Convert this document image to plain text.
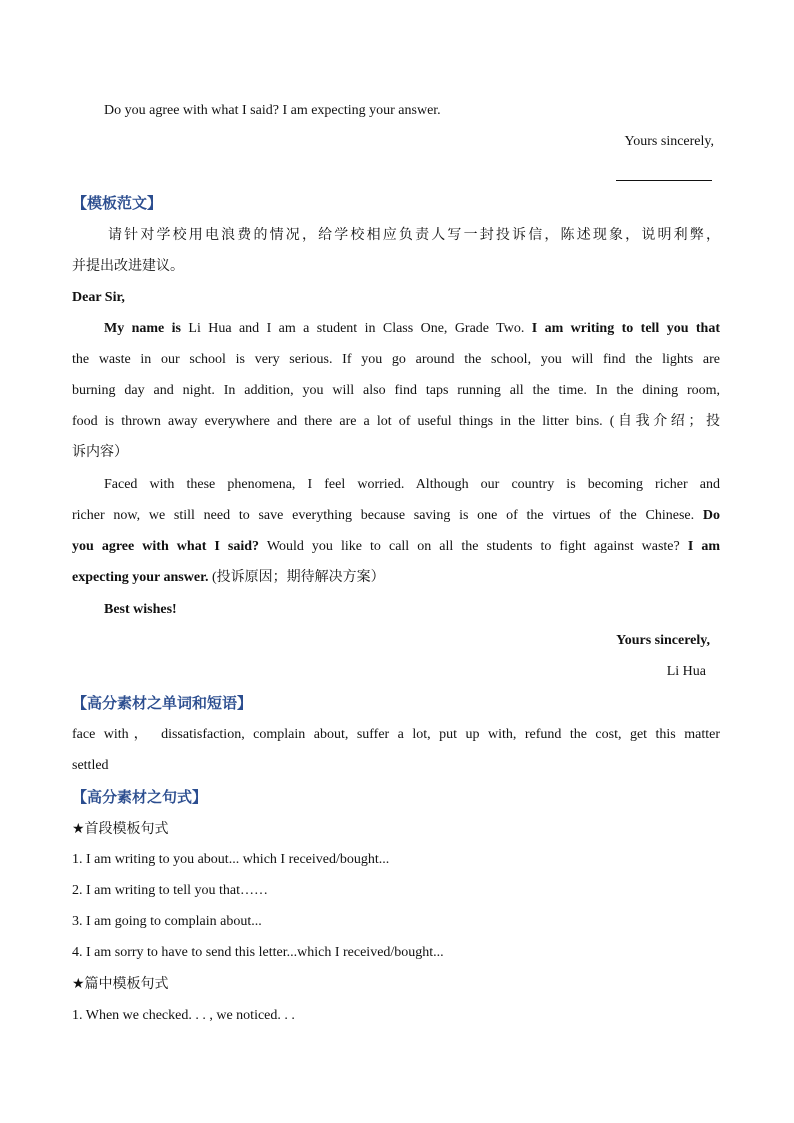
Do you agree with what I said? I am expecting your answer.
Yours sincerely,
【模板范文】
请针对学校用电浪费的情况，给学校相应负责人写一封投诉信，陈述现象，说明利弊，
并提出改进建议。
Dear Sir,
My name is Li Hua and I am a student in Class One, Grade Two. I am writing to tell you that
the waste in our school is very serious. If you go around the school, you will find the lights are
burning day and night. In addition, you will also find taps running all the time. In the dining room,
food is thrown away everywhere and there are a lot of useful things in the litter bins. (自我介绍；投
诉内容）
Faced with these phenomena, I feel worried. Although our country is becoming richer and
richer now, we still need to save everything because saving is one of the virtues of the Chinese. Do
you agree with what I said? Would you like to call on all the students to fight against waste? I am
expecting your answer. (投诉原因；期待解决方案）
Best wishes!
Yours sincerely,
Li Hua
【高分素材之单词和短语】
face with， dissatisfaction, complain about, suffer a lot, put up with, refund the cost, get this matter
settled
【高分素材之句式】
★首段模板句式
1. I am writing to you about... which I received/bought...
2. I am writing to tell you that……
3. I am going to complain about...
4. I am sorry to have to send this letter...which I received/bought...
★篇中模板句式
1. When we checked. . . , we noticed. . .
